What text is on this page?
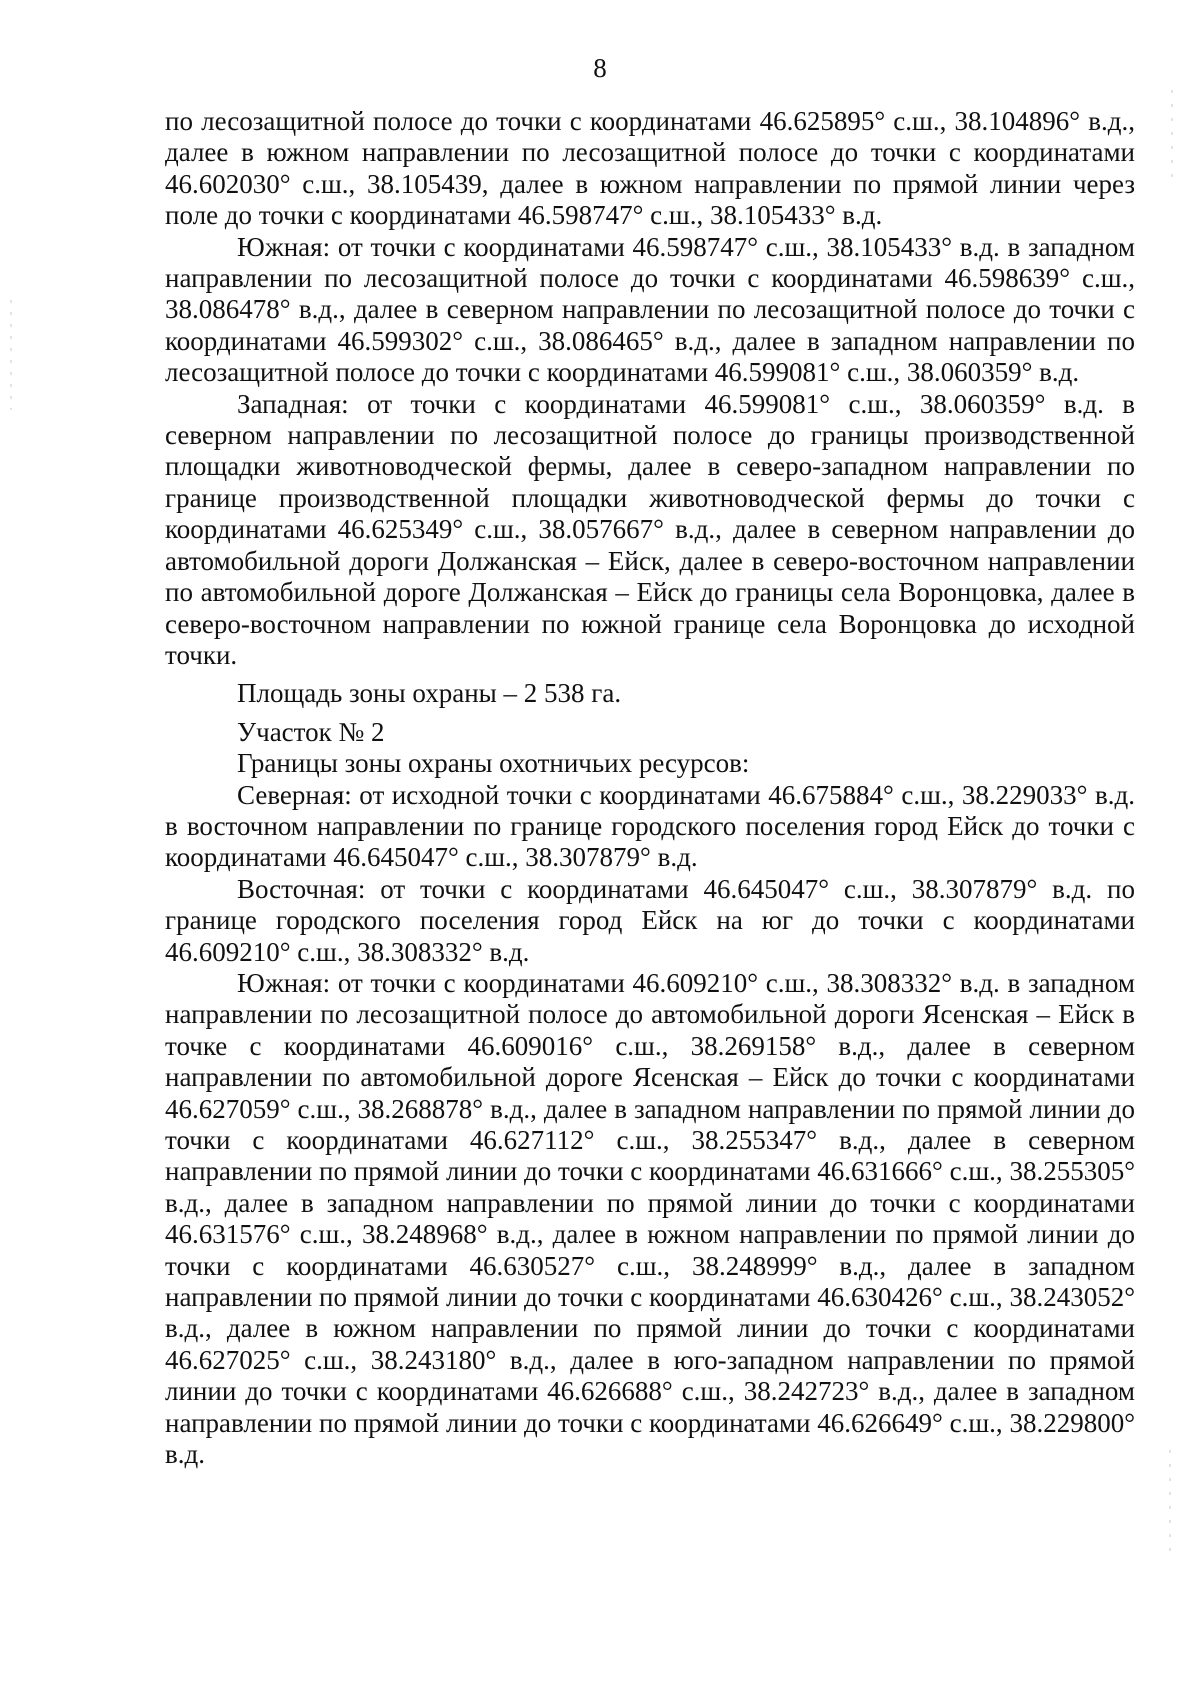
8

по лесозащитной полосе до точки с координатами 46.625895° с.ш., 38.104896° в.д., далее в южном направлении по лесозащитной полосе до точки с координатами 46.602030° с.ш., 38.105439, далее в южном направлении по прямой линии через поле до точки с координатами 46.598747° с.ш., 38.105433° в.д.

Южная: от точки с координатами 46.598747° с.ш., 38.105433° в.д. в западном направлении по лесозащитной полосе до точки с координатами 46.598639° с.ш., 38.086478° в.д., далее в северном направлении по лесозащитной полосе до точки с координатами 46.599302° с.ш., 38.086465° в.д., далее в западном направлении по лесозащитной полосе до точки с координатами 46.599081° с.ш., 38.060359° в.д.

Западная: от точки с координатами 46.599081° с.ш., 38.060359° в.д. в северном направлении по лесозащитной полосе до границы производственной площадки животноводческой фермы, далее в северо-западном направлении по границе производственной площадки животноводческой фермы до точки с координатами 46.625349° с.ш., 38.057667° в.д., далее в северном направлении до автомобильной дороги Должанская – Ейск, далее в северо-восточном направлении по автомобильной дороге Должанская – Ейск до границы села Воронцовка, далее в северо-восточном направлении по южной границе села Воронцовка до исходной точки.

Площадь зоны охраны – 2 538 га.

Участок № 2

Границы зоны охраны охотничьих ресурсов:

Северная: от исходной точки с координатами 46.675884° с.ш., 38.229033° в.д. в восточном направлении по границе городского поселения город Ейск до точки с координатами 46.645047° с.ш., 38.307879° в.д.

Восточная: от точки с координатами 46.645047° с.ш., 38.307879° в.д. по границе городского поселения город Ейск на юг до точки с координатами 46.609210° с.ш., 38.308332° в.д.

Южная: от точки с координатами 46.609210° с.ш., 38.308332° в.д. в западном направлении по лесозащитной полосе до автомобильной дороги Ясенская – Ейск в точке с координатами 46.609016° с.ш., 38.269158° в.д., далее в северном направлении по автомобильной дороге Ясенская – Ейск до точки с координатами 46.627059° с.ш., 38.268878° в.д., далее в западном направлении по прямой линии до точки с координатами 46.627112° с.ш., 38.255347° в.д., далее в северном направлении по прямой линии до точки с координатами 46.631666° с.ш., 38.255305° в.д., далее в западном направлении по прямой линии до точки с координатами 46.631576° с.ш., 38.248968° в.д., далее в южном направлении по прямой линии до точки с координатами 46.630527° с.ш., 38.248999° в.д., далее в западном направлении по прямой линии до точки с координатами 46.630426° с.ш., 38.243052° в.д., далее в южном направлении по прямой линии до точки с координатами 46.627025° с.ш., 38.243180° в.д., далее в юго-западном направлении по прямой линии до точки с координатами 46.626688° с.ш., 38.242723° в.д., далее в западном направлении по прямой линии до точки с координатами 46.626649° с.ш., 38.229800° в.д.
